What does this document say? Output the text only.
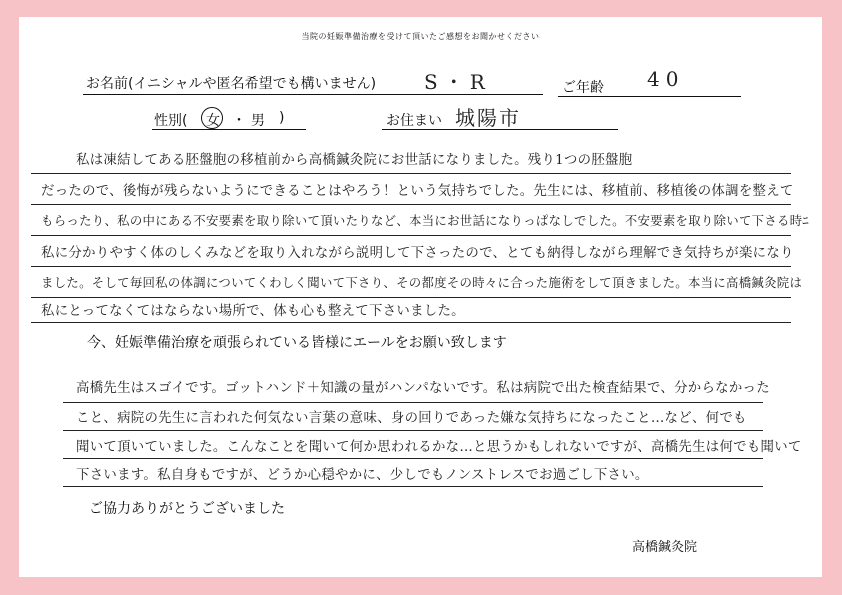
当院の妊娠準備治療を受けて頂いたご感想をお聞かせください
お名前(イニシャルや匿名希望でも構いません) S・R	ご年齢 40
性別( 女 ・ 男 )	お住まい 城陽市
私は凍結してある胚盤胞の移植前から高橋鍼灸院にお世話になりました。残り1つの胚盤胞
だったので、後悔が残らないようにできることはやろう！という気持ちでした。先生には、移植前、移植後の体調を整えて
もらったり、私の中にある不安要素を取り除いて頂いたりなど、本当にお世話になりっぱなしでした。不安要素を取り除いて下さる時ﾆ
私に分かりやすく体のしくみなどを取り入れながら説明して下さったので、とても納得しながら理解でき気持ちが楽になり
ました。そして毎回私の体調についてくわしく聞いて下さり、その都度その時々に合った施術をして頂きました。本当に高橋鍼灸院は
私にとってなくてはならない場所で、体も心も整えて下さいました。
今、妊娠準備治療を頑張られている皆様にエールをお願い致します
高橋先生はスゴイです。ゴットハンド＋知識の量がハンパないです。私は病院で出た検査結果で、分からなかった
こと、病院の先生に言われた何気ない言葉の意味、身の回りであった嫌な気持ちになったこと…など、何でも
聞いて頂いていました。こんなことを聞いて何か思われるかな…と思うかもしれないですが、高橋先生は何でも聞いて
下さいます。私自身もですが、どうか心穏やかに、少しでもノンストレスでお過ごし下さい。
ご協力ありがとうございました
高橋鍼灸院
